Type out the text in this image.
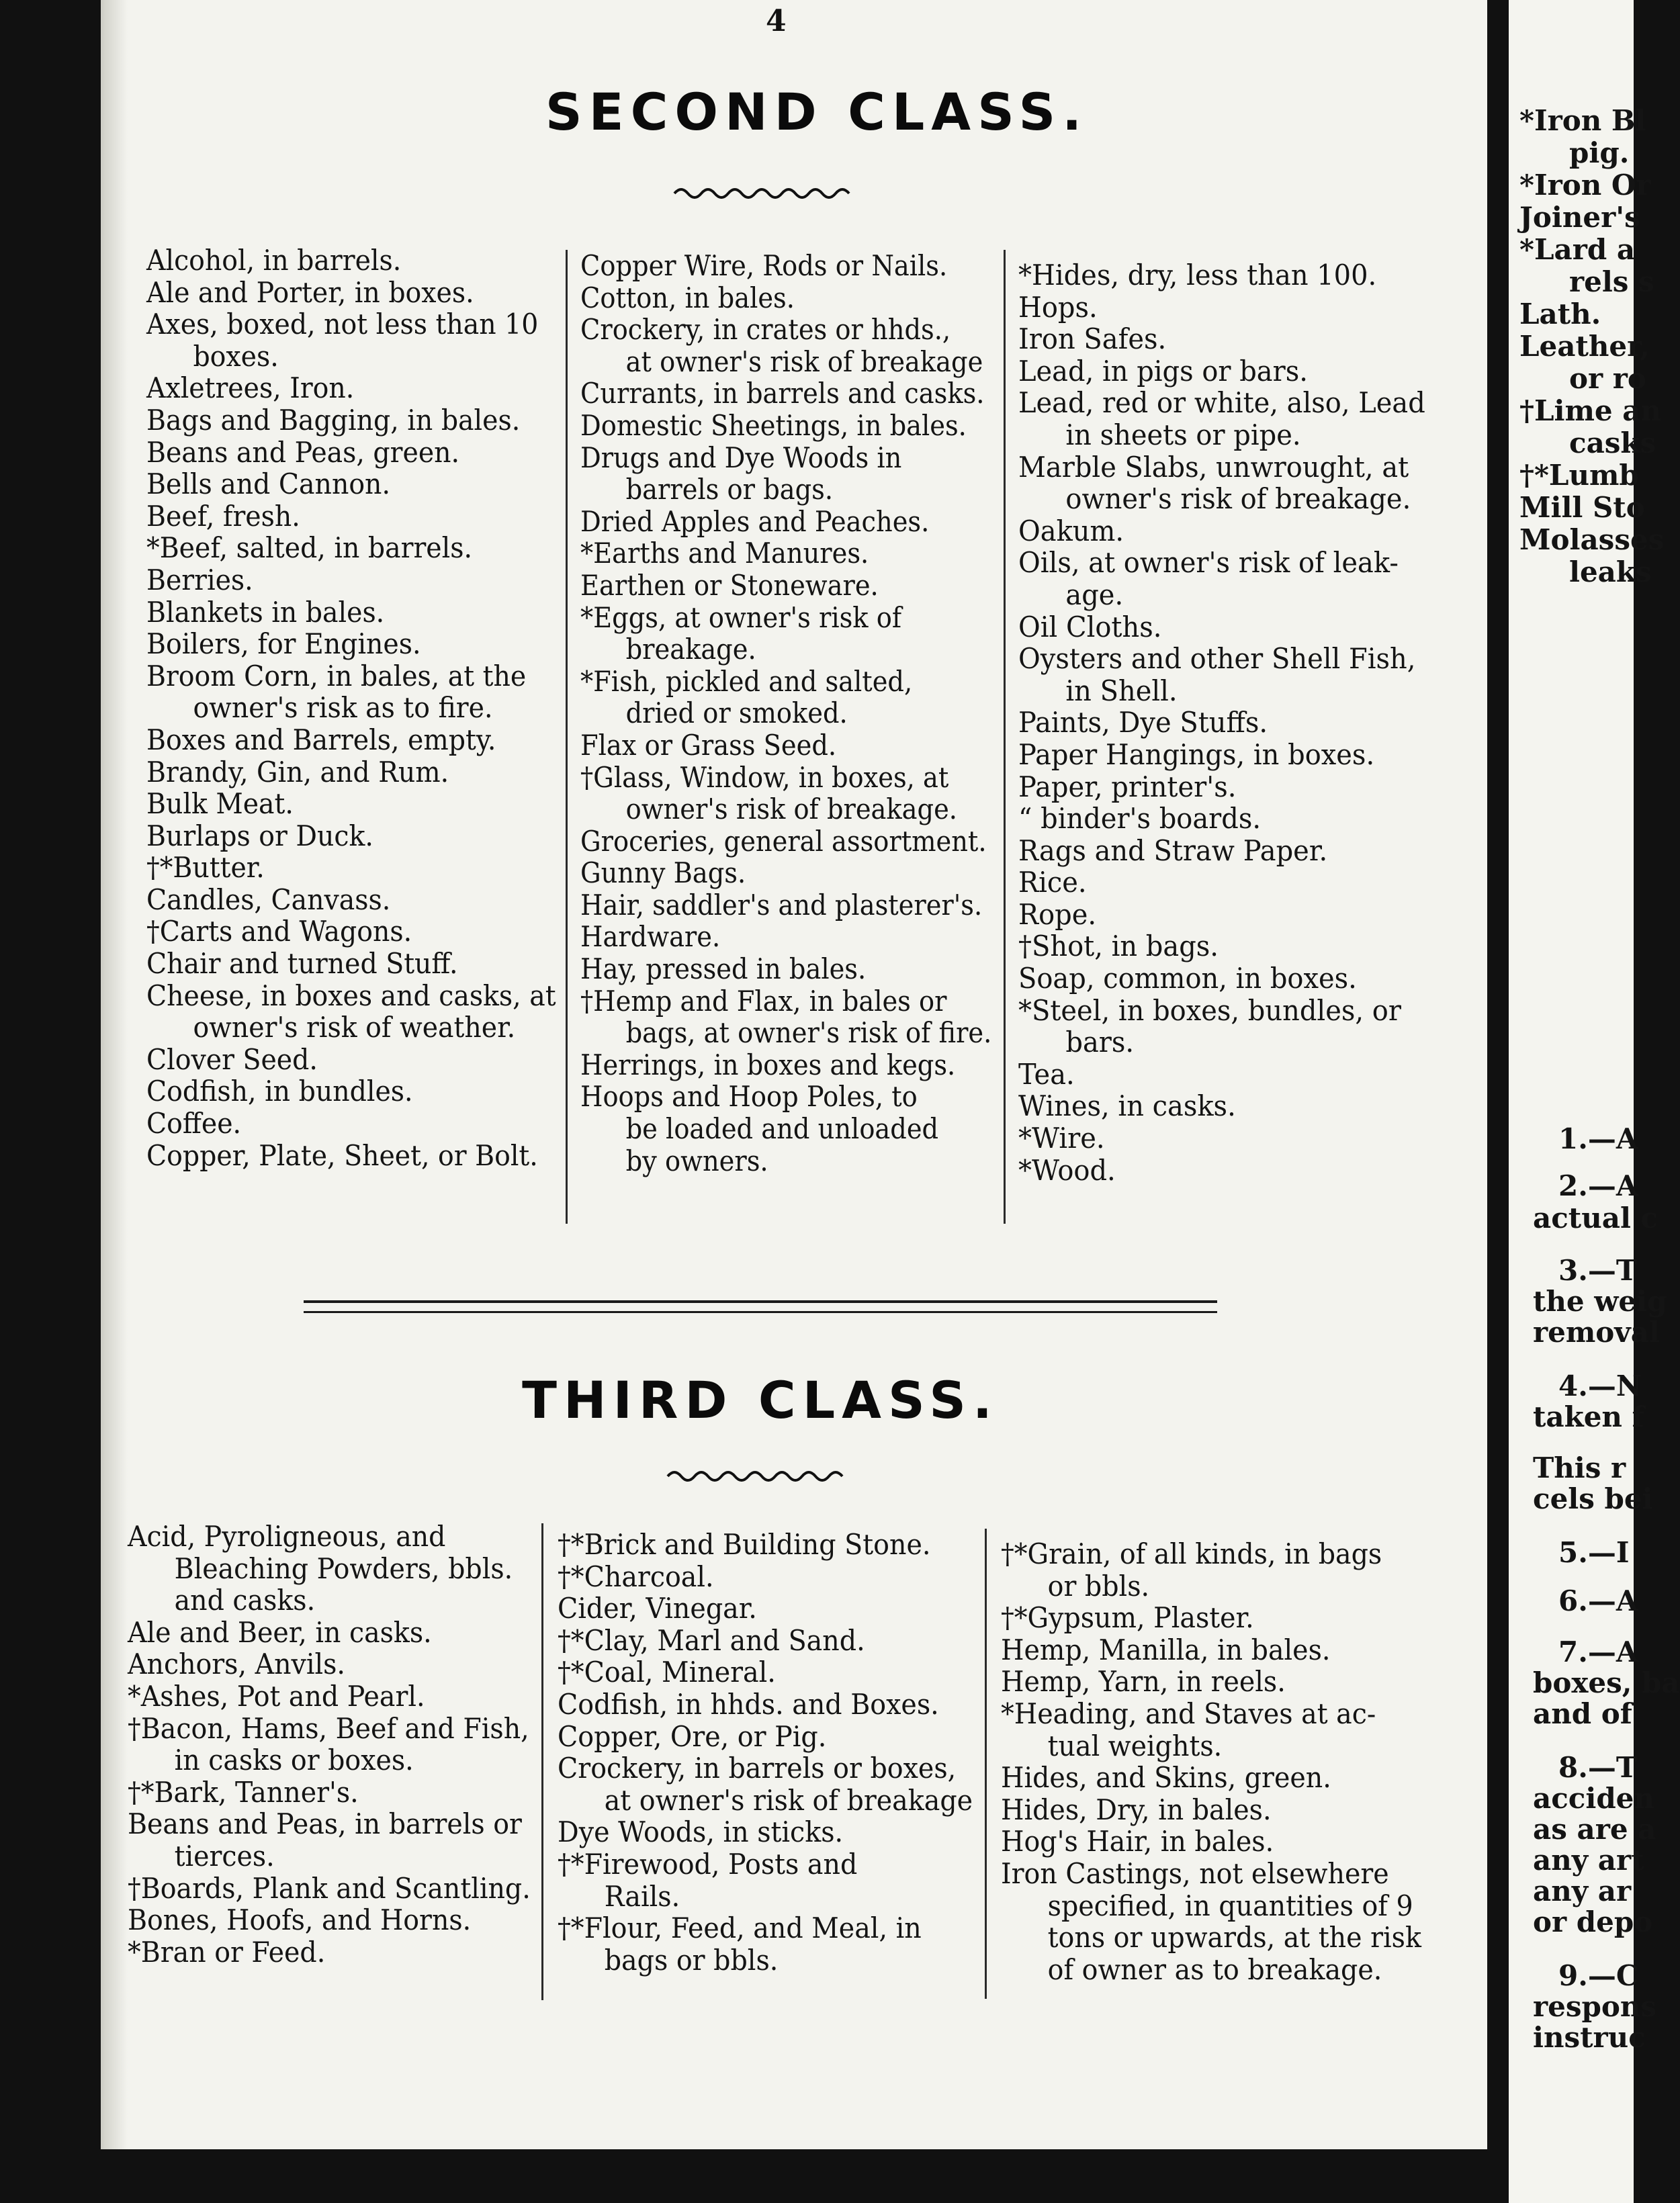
4
SECOND CLASS.
Alcohol, in barrels.
Ale and Porter, in boxes.
Axes, boxed, not less than 10
boxes.
Axletrees, Iron.
Bags and Bagging, in bales.
Beans and Peas, green.
Bells and Cannon.
Beef, fresh.
*Beef, salted, in barrels.
Berries.
Blankets in bales.
Boilers, for Engines.
Broom Corn, in bales, at the
owner's risk as to fire.
Boxes and Barrels, empty.
Brandy, Gin, and Rum.
Bulk Meat.
Burlaps or Duck.
†*Butter.
Candles, Canvass.
†Carts and Wagons.
Chair and turned Stuff.
Cheese, in boxes and casks, at
owner's risk of weather.
Clover Seed.
Codfish, in bundles.
Coffee.
Copper, Plate, Sheet, or Bolt.
Copper Wire, Rods or Nails.
Cotton, in bales.
Crockery, in crates or hhds.,
at owner's risk of breakage
Currants, in barrels and casks.
Domestic Sheetings, in bales.
Drugs and Dye Woods in
barrels or bags.
Dried Apples and Peaches.
*Earths and Manures.
Earthen or Stoneware.
*Eggs, at owner's risk of
breakage.
*Fish, pickled and salted,
dried or smoked.
Flax or Grass Seed.
†Glass, Window, in boxes, at
owner's risk of breakage.
Groceries, general assortment.
Gunny Bags.
Hair, saddler's and plasterer's.
Hardware.
Hay, pressed in bales.
†Hemp and Flax, in bales or
bags, at owner's risk of fire.
Herrings, in boxes and kegs.
Hoops and Hoop Poles, to
be loaded and unloaded
by owners.
*Hides, dry, less than 100.
Hops.
Iron Safes.
Lead, in pigs or bars.
Lead, red or white, also, Lead
in sheets or pipe.
Marble Slabs, unwrought, at
owner's risk of breakage.
Oakum.
Oils, at owner's risk of leak-
age.
Oil Cloths.
Oysters and other Shell Fish,
in Shell.
Paints, Dye Stuffs.
Paper Hangings, in boxes.
Paper, printer's.
“ binder's boards.
Rags and Straw Paper.
Rice.
Rope.
†Shot, in bags.
Soap, common, in boxes.
*Steel, in boxes, bundles, or
bars.
Tea.
Wines, in casks.
*Wire.
*Wood.
THIRD CLASS.
Acid, Pyroligneous, and
Bleaching Powders, bbls.
and casks.
Ale and Beer, in casks.
Anchors, Anvils.
*Ashes, Pot and Pearl.
†Bacon, Hams, Beef and Fish,
in casks or boxes.
†*Bark, Tanner's.
Beans and Peas, in barrels or
tierces.
†Boards, Plank and Scantling.
Bones, Hoofs, and Horns.
*Bran or Feed.
†*Brick and Building Stone.
†*Charcoal.
Cider, Vinegar.
†*Clay, Marl and Sand.
†*Coal, Mineral.
Codfish, in hhds. and Boxes.
Copper, Ore, or Pig.
Crockery, in barrels or boxes,
at owner's risk of breakage
Dye Woods, in sticks.
†*Firewood, Posts and
Rails.
†*Flour, Feed, and Meal, in
bags or bbls.
†*Grain, of all kinds, in bags
or bbls.
†*Gypsum, Plaster.
Hemp, Manilla, in bales.
Hemp, Yarn, in reels.
*Heading, and Staves at ac-
tual weights.
Hides, and Skins, green.
Hides, Dry, in bales.
Hog's Hair, in bales.
Iron Castings, not elsewhere
specified, in quantities of 9
tons or upwards, at the risk
of owner as to breakage.
*Iron Bl
pig.
*Iron Or
Joiner's
*Lard a
rels s
Lath.
Leather,
or ro
†Lime an
casks
†*Lumb
Mill Sto
Molasses
leaks
1.—A
2.—A
actual c
3.—T
the weig
removal
4.—N
taken f
This r
cels bei
5.—I
6.—A
7.—A
boxes, ba
and of
8.—T
acciden
as are a
any art
any ar
or depo
9.—C
respons
instruc
